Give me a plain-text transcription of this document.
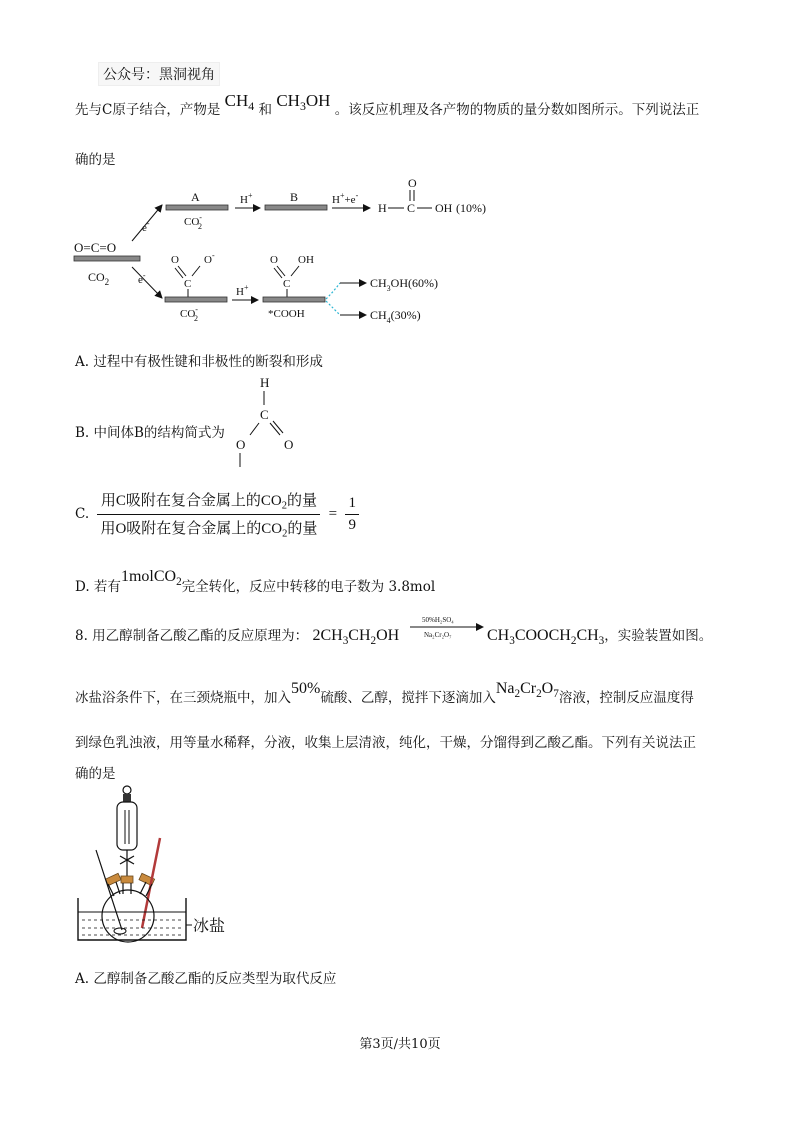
公众号：黑洞视角
先与C原子结合，产物是 $CH_4$ 和 $CH_3OH$ 。该反应机理及各产物的物质的量分数如图所示。下列说法正
确的是
O=C=O
$CO_2$
e-
e-
A
CO-2
H+	B	H++e-
O
H C OH (10%)
O O-
C
CO-2
H+
O OH
C
*COOH
$CH_3OH(60\%)$
$CH_4(30\%)$
A. 过程中有极性键和非极性的断裂和形成
B. 中间体B的结构简式为
H
C
O	O
C. $\frac{用C吸附在复合金属上的CO_2的量}{用O吸附在复合金属上的CO_2的量} = \frac{1}{9}$
D. 若有1molCO$_2$完全转化，反应中转移的电子数为 3.8mol
8. 用乙醇制备乙酸乙酯的反应原理为： $2CH_3CH_2OH$
50%H₂SO₄
Na₂Cr₂O₇ $CH_3COOCH_2CH_3$，实验装置如图。
冰盐浴条件下，在三颈烧瓶中，加入50%硫酸、乙醇，搅拌下逐滴加入$Na_2Cr_2O_7$溶液，控制反应温度得
到绿色乳浊液，用等量水稀释，分液，收集上层清液，纯化，干燥，分馏得到乙酸乙酯。下列有关说法正
确的是
冰盐
A. 乙醇制备乙酸乙酯的反应类型为取代反应
第3页/共10页
